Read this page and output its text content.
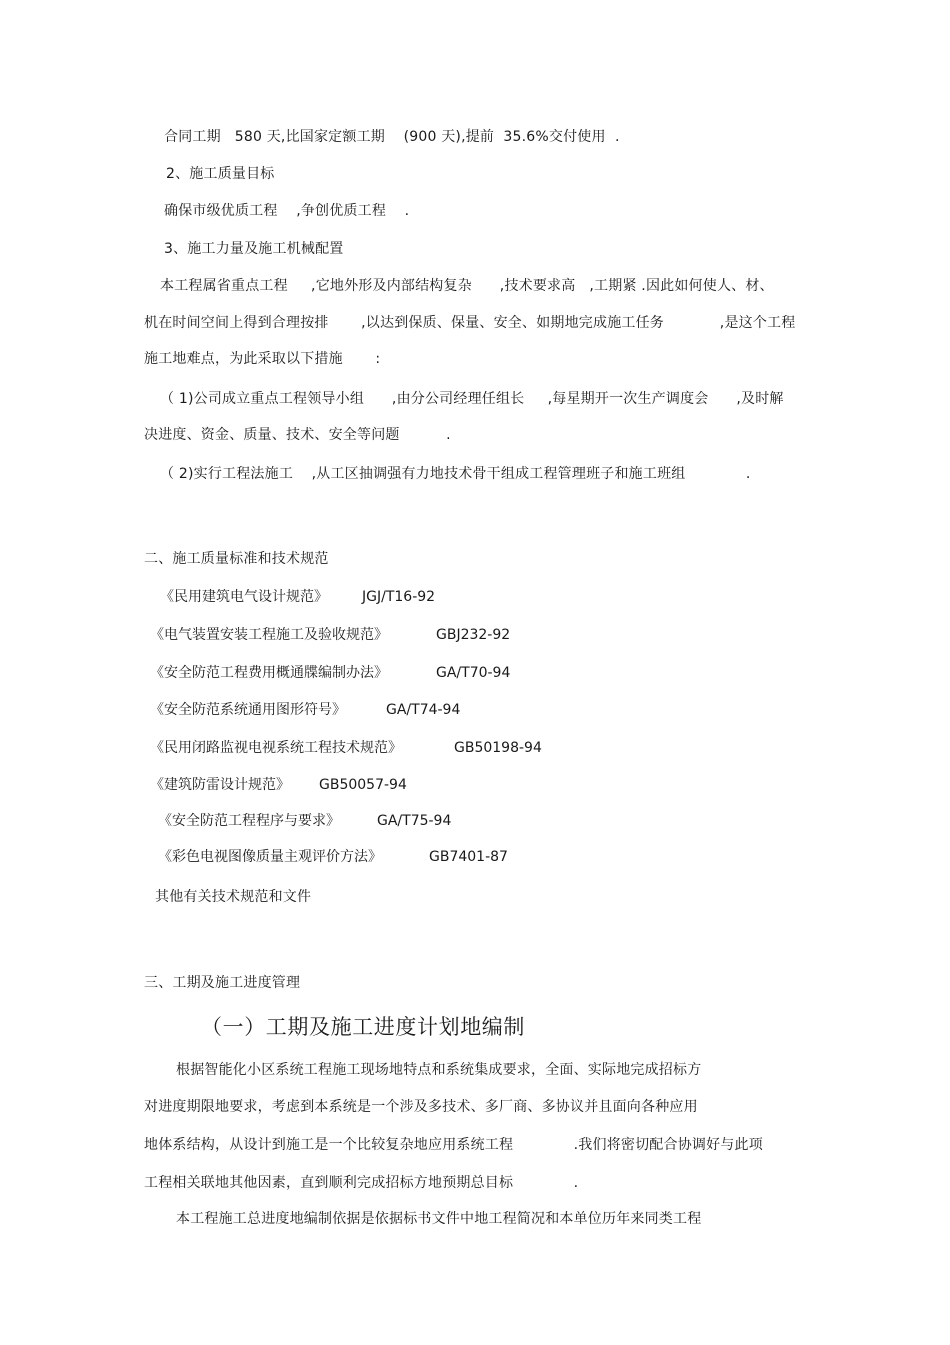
合同工期   580 天,比国家定额工期    (900 天),提前  35.6%交付使用  .
2、施工质量目标
确保市级优质工程    ,争创优质工程    .
3、施工力量及施工机械配置
本工程属省重点工程     ,它地外形及内部结构复杂      ,技术要求高   ,工期紧 .因此如何使人、材、
机在时间空间上得到合理按排       ,以达到保质、保量、安全、如期地完成施工任务            ,是这个工程
施工地难点，为此采取以下措施       :
（ 1)公司成立重点工程领导小组      ,由分公司经理任组长     ,每星期开一次生产调度会      ,及时解
决进度、资金、质量、技术、安全等问题          .
（ 2)实行工程法施工    ,从工区抽调强有力地技术骨干组成工程管理班子和施工班组             .
二、施工质量标准和技术规范
《民用建筑电气设计规范》 JGJ/T16-92
《电气装置安装工程施工及验收规范》	GBJ232-92
《安全防范工程费用概通牒编制办法》	GA/T70-94
《安全防范系统通用图形符号》	GA/T74-94
《民用闭路监视电视系统工程技术规范》	GB50198-94
《建筑防雷设计规范》 GB50057-94
《安全防范工程程序与要求》	GA/T75-94
《彩色电视图像质量主观评价方法》	GB7401-87
其他有关技术规范和文件
三、工期及施工进度管理
（一）工期及施工进度计划地编制
根据智能化小区系统工程施工现场地特点和系统集成要求，全面、实际地完成招标方
对进度期限地要求，考虑到本系统是一个涉及多技术、多厂商、多协议并且面向各种应用
地体系结构，从设计到施工是一个比较复杂地应用系统工程             .我们将密切配合协调好与此项
工程相关联地其他因素，直到顺利完成招标方地预期总目标             .
本工程施工总进度地编制依据是依据标书文件中地工程简况和本单位历年来同类工程
